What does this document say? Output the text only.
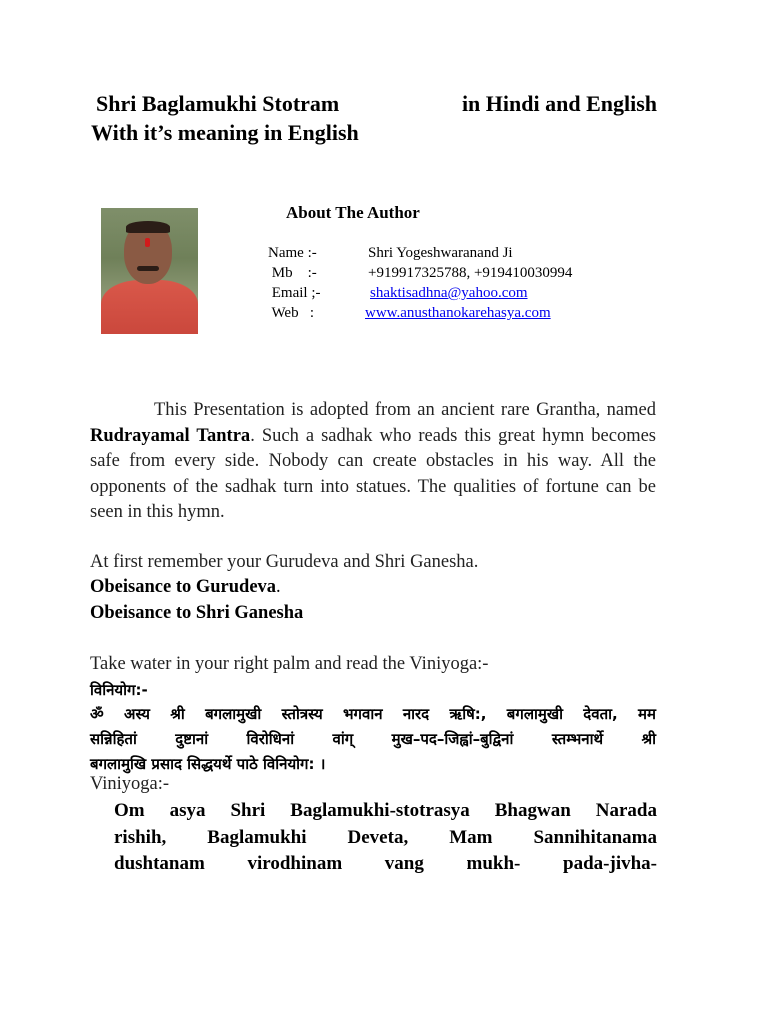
Shri Baglamukhi Stotram	in Hindi and English
With it’s meaning in English
About The Author
Name :-	Shri Yogeshwaranand Ji
Mb    :-	+919917325788, +919410030994
Email ;-	shaktisadhna@yahoo.com
Web   :	www.anusthanokarehasya.com
This Presentation is adopted from an ancient rare Grantha, named Rudrayamal Tantra. Such a sadhak who reads this great hymn becomes safe from every side. Nobody can create obstacles in his way. All the opponents of the sadhak turn into statues. The qualities of fortune can be seen in this hymn.
At first remember your Gurudeva and Shri Ganesha.
Obeisance to Gurudeva.
Obeisance to Shri Ganesha
Take water in your right palm and read the Viniyoga:-
विनियोग:-
ॐ अस्य श्री बगलामुखी स्तोत्रस्य भगवान नारद ऋषि:, बगलामुखी देवता, मम
सन्निहितां दुष्टानां विरोधिनां वांग् मुख–पद–जिह्वां–बुद्विनां स्तम्भनार्थे श्री
बगलामुखि प्रसाद सिद्धयर्थे पाठे विनियोग: ।
Viniyoga:-
Om asya Shri Baglamukhi-stotrasya Bhagwan Narada
rishih, Baglamukhi Deveta, Mam Sannihitanama
dushtanam virodhinam vang mukh- pada-jivha-
